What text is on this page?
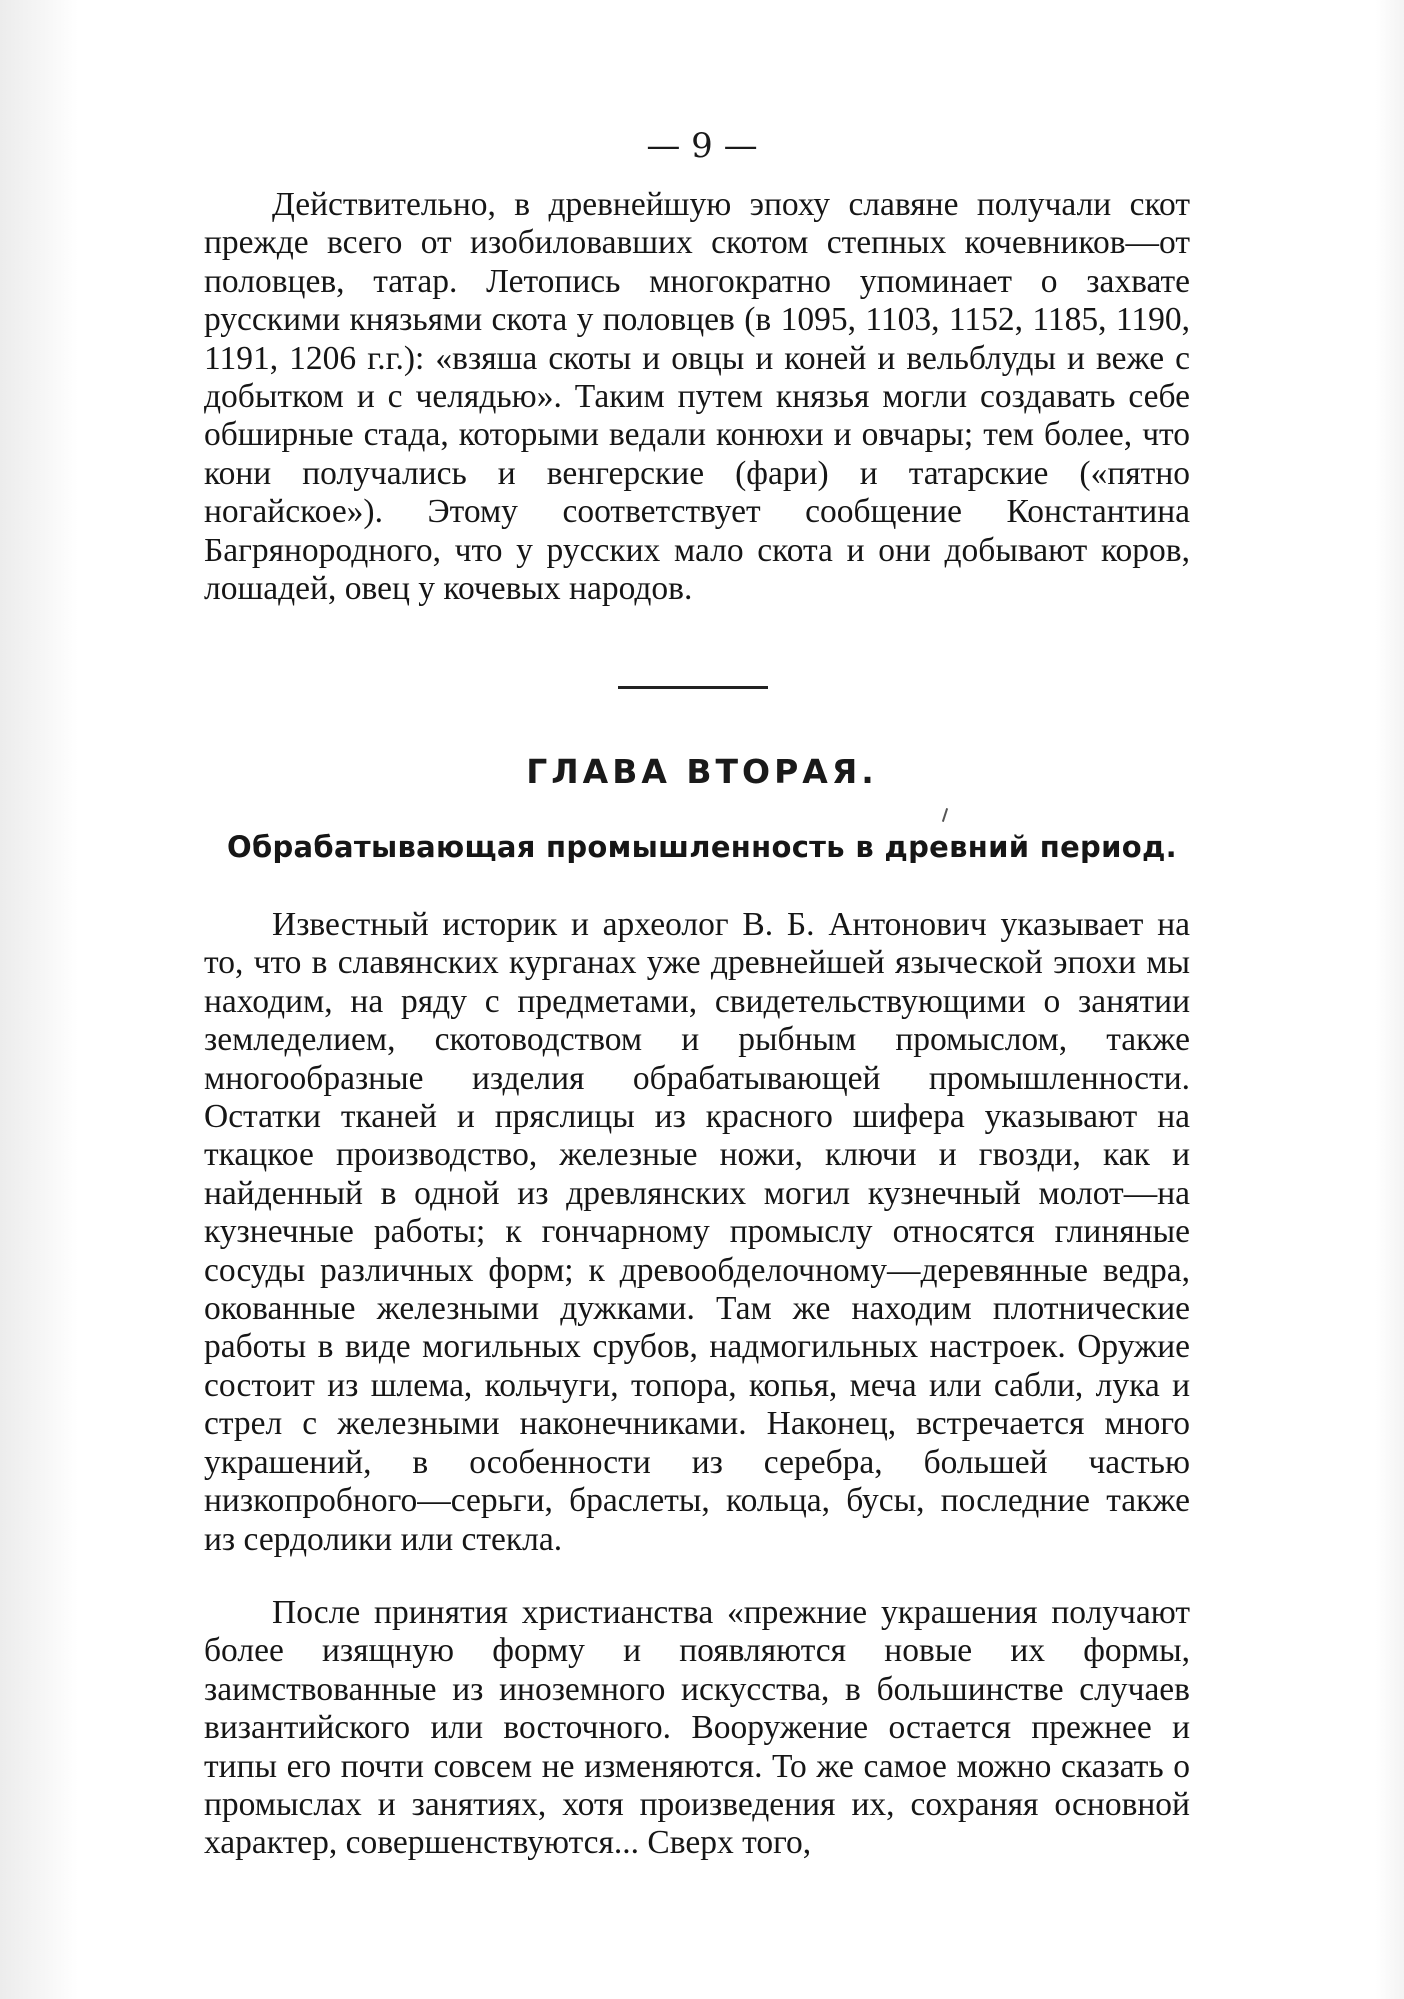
— 9 —

Действительно, в древнейшую эпоху славяне получали скот прежде всего от изобиловавших скотом степных кочевников—от половцев, татар. Летопись многократно упоминает о захвате русскими князьями скота у половцев (в 1095, 1103, 1152, 1185, 1190, 1191, 1206 г.г.): «взяша скоты и овцы и коней и вельблуды и веже с добытком и с челядью». Таким путем князья могли создавать себе обширные стада, которыми ведали конюхи и овчары; тем более, что кони получались и венгерские (фари) и татарские («пятно ногайское»). Этому соответствует сообщение Константина Багрянородного, что у русских мало скота и они добывают коров, лошадей, овец у кочевых народов.

ГЛАВА ВТОРАЯ.
Обрабатывающая промышленность в древний период.

Известный историк и археолог В. Б. Антонович указывает на то, что в славянских курганах уже древнейшей языческой эпохи мы находим, на ряду с предметами, свидетельствующими о занятии земледелием, скотоводством и рыбным промыслом, также многообразные изделия обрабатывающей промышленности. Остатки тканей и пряслицы из красного шифера указывают на ткацкое производство, железные ножи, ключи и гвозди, как и найденный в одной из древлянских могил кузнечный молот—на кузнечные работы; к гончарному промыслу относятся глиняные сосуды различных форм; к древообделочному—деревянные ведра, окованные железными дужками. Там же находим плотничеcкие работы в виде могильных срубов, надмогильных настроек. Оружие состоит из шлема, кольчуги, топора, копья, меча или сабли, лука и стрел с железными наконечниками. Наконец, встречается много украшений, в особенности из серебра, большей частью низкопробного—серьги, браслеты, кольца, бусы, последние также из сердолики или стекла.

После принятия христианства «прежние украшения получают более изящную форму и появляются новые их формы, заимствованные из иноземного искусства, в большинстве случаев византийского или восточного. Вооружение остается прежнее и типы его почти совсем не изменяются. То же самое можно сказать о промыслах и занятиях, хотя произведения их, сохраняя основной характер, совершенствуются... Сверх того,
